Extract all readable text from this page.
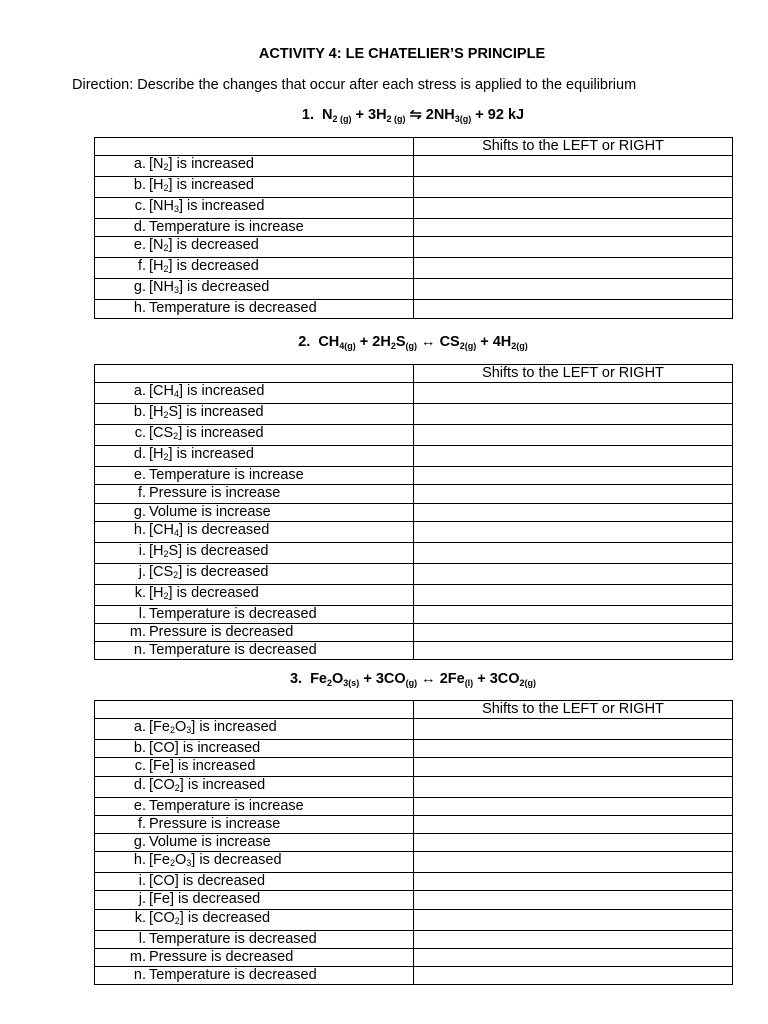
ACTIVITY 4: LE CHATELIER’S PRINCIPLE
Direction: Describe the changes that occur after each stress is applied to the equilibrium
1. $N_{2 (g)} + 3H_{2 (g)}$ ⇋ $2NH_{3(g)} + 92$ kJ
	Shifts to the LEFT or RIGHT
a. $[N_2]$ is increased	
b. $[H_2]$ is increased	
c. $[NH_3]$ is increased	
d. Temperature is increase	
e. $[N_2]$ is decreased	
f. $[H_2]$ is decreased	
g. $[NH_3]$ is decreased	
h. Temperature is decreased	
2. $CH_{4(g)} + 2H_2S_{(g)}$ ↔ $CS_{2(g)} + 4H_{2(g)}$
	Shifts to the LEFT or RIGHT
a. $[CH_4]$ is increased	
b. $[H_2S]$ is increased	
c. $[CS_2]$ is increased	
d. $[H_2]$ is increased	
e. Temperature is increase	
f. Pressure is increase	
g. Volume is increase	
h. $[CH_4]$ is decreased	
i. $[H_2S]$ is decreased	
j. $[CS_2]$ is decreased	
k. $[H_2]$ is decreased	
l. Temperature is decreased	
m. Pressure is decreased	
n. Temperature is decreased	
3. $Fe_2O_{3(s)} + 3CO_{(g)}$ ↔ $2Fe_{(l)} + 3CO_{2(g)}$
	Shifts to the LEFT or RIGHT
a. $[Fe_2O_3]$ is increased	
b. [CO] is increased	
c. [Fe] is increased	
d. $[CO_2]$ is increased	
e. Temperature is increase	
f. Pressure is increase	
g. Volume is increase	
h. $[Fe_2O_3]$ is decreased	
i. [CO] is decreased	
j. [Fe] is decreased	
k. $[CO_2]$ is decreased	
l. Temperature is decreased	
m. Pressure is decreased	
n. Temperature is decreased	
